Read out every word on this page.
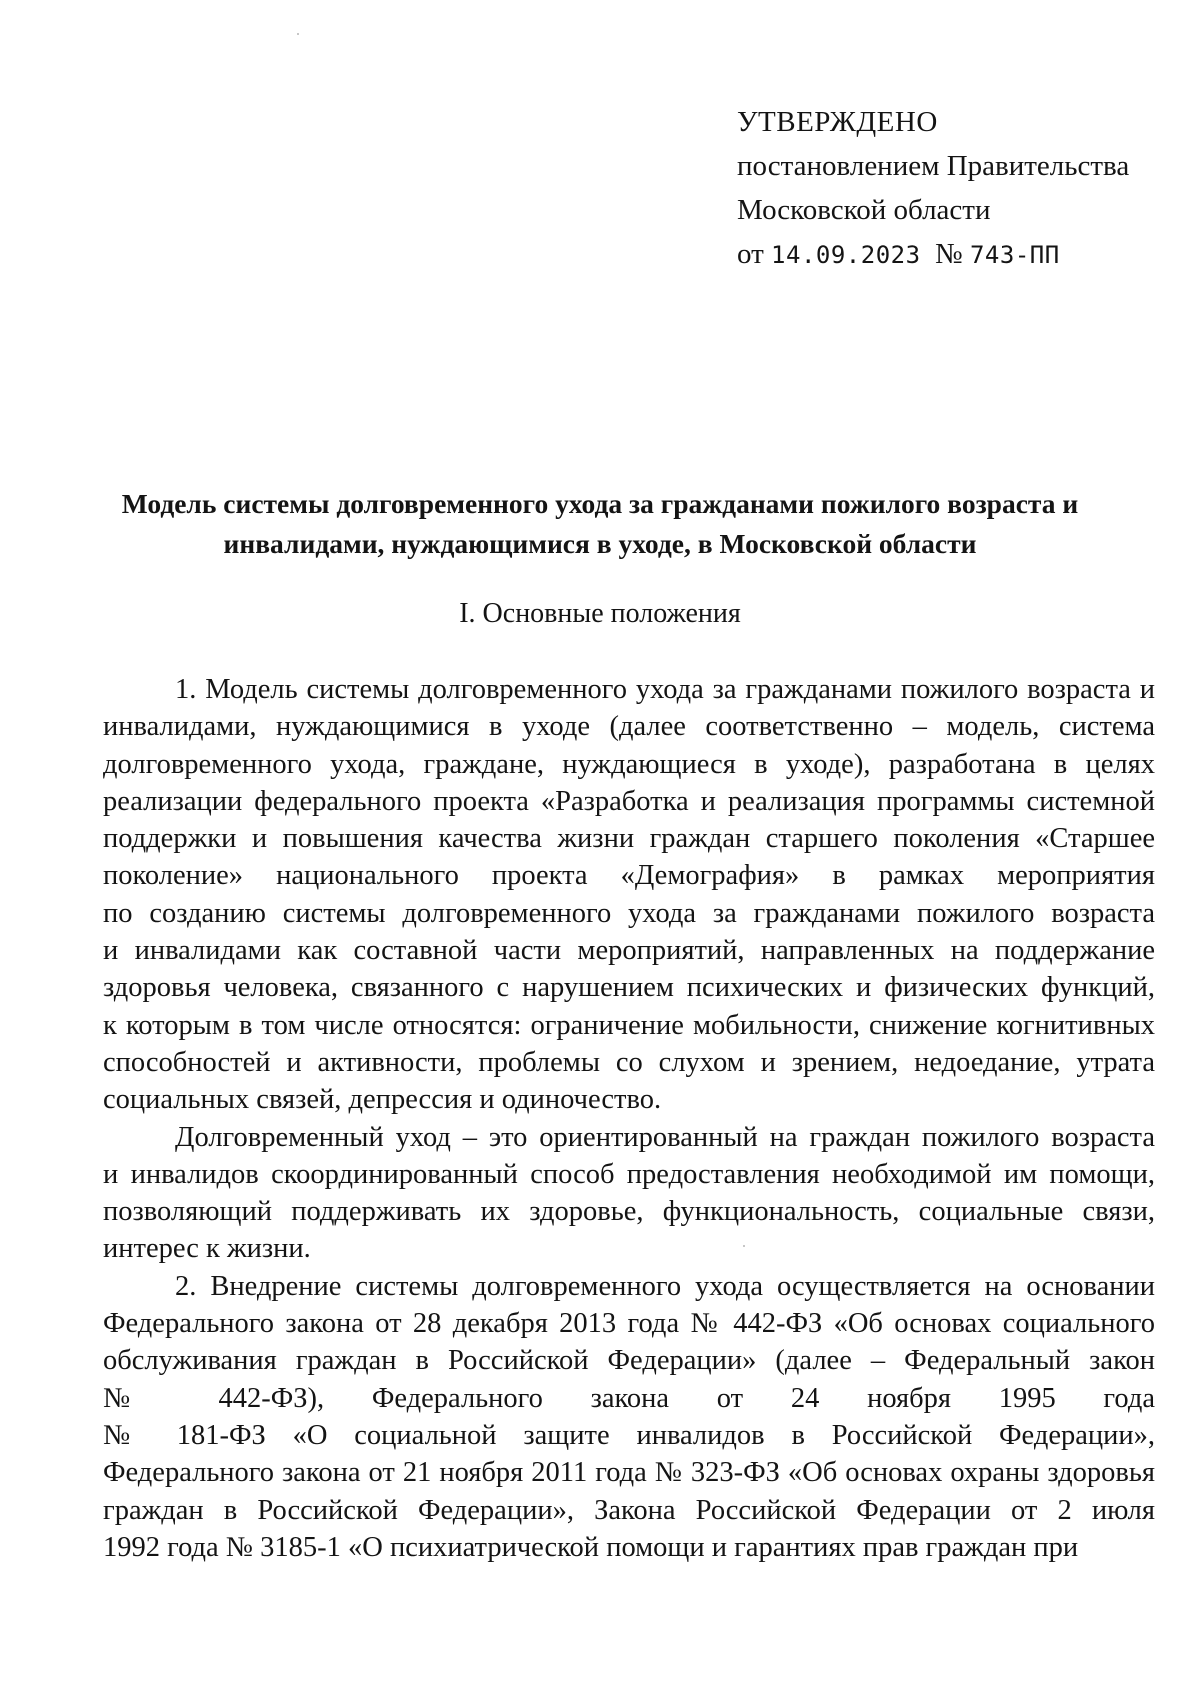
УТВЕРЖДЕНО
постановлением Правительства
Московской области
от 14.09.2023 № 743-ПП
Модель системы долговременного ухода за гражданами пожилого возраста и
инвалидами, нуждающимися в уходе, в Московской области
I. Основные положения
1. Модель системы долговременного ухода за гражданами пожилого возраста и
инвалидами, нуждающимися в уходе (далее соответственно – модель, система
долговременного ухода, граждане, нуждающиеся в уходе), разработана в целях
реализации федерального проекта «Разработка и реализация программы системной
поддержки и повышения качества жизни граждан старшего поколения «Старшее
поколение» национального проекта «Демография» в рамках мероприятия
по созданию системы долговременного ухода за гражданами пожилого возраста
и инвалидами как составной части мероприятий, направленных на поддержание
здоровья человека, связанного с нарушением психических и физических функций,
к которым в том числе относятся: ограничение мобильности, снижение когнитивных
способностей и активности, проблемы со слухом и зрением, недоедание, утрата
социальных связей, депрессия и одиночество.
Долговременный уход – это ориентированный на граждан пожилого возраста
и инвалидов скоординированный способ предоставления необходимой им помощи,
позволяющий поддерживать их здоровье, функциональность, социальные связи,
интерес к жизни.
2. Внедрение системы долговременного ухода осуществляется на основании
Федерального закона от 28 декабря 2013 года № 442-ФЗ «Об основах социального
обслуживания граждан в Российской Федерации» (далее – Федеральный закон
№ 442-ФЗ), Федерального закона от 24 ноября 1995 года
№ 181-ФЗ «О социальной защите инвалидов в Российской Федерации»,
Федерального закона от 21 ноября 2011 года № 323-ФЗ «Об основах охраны здоровья
граждан в Российской Федерации», Закона Российской Федерации от 2 июля
1992 года № 3185-1 «О психиатрической помощи и гарантиях прав граждан при
